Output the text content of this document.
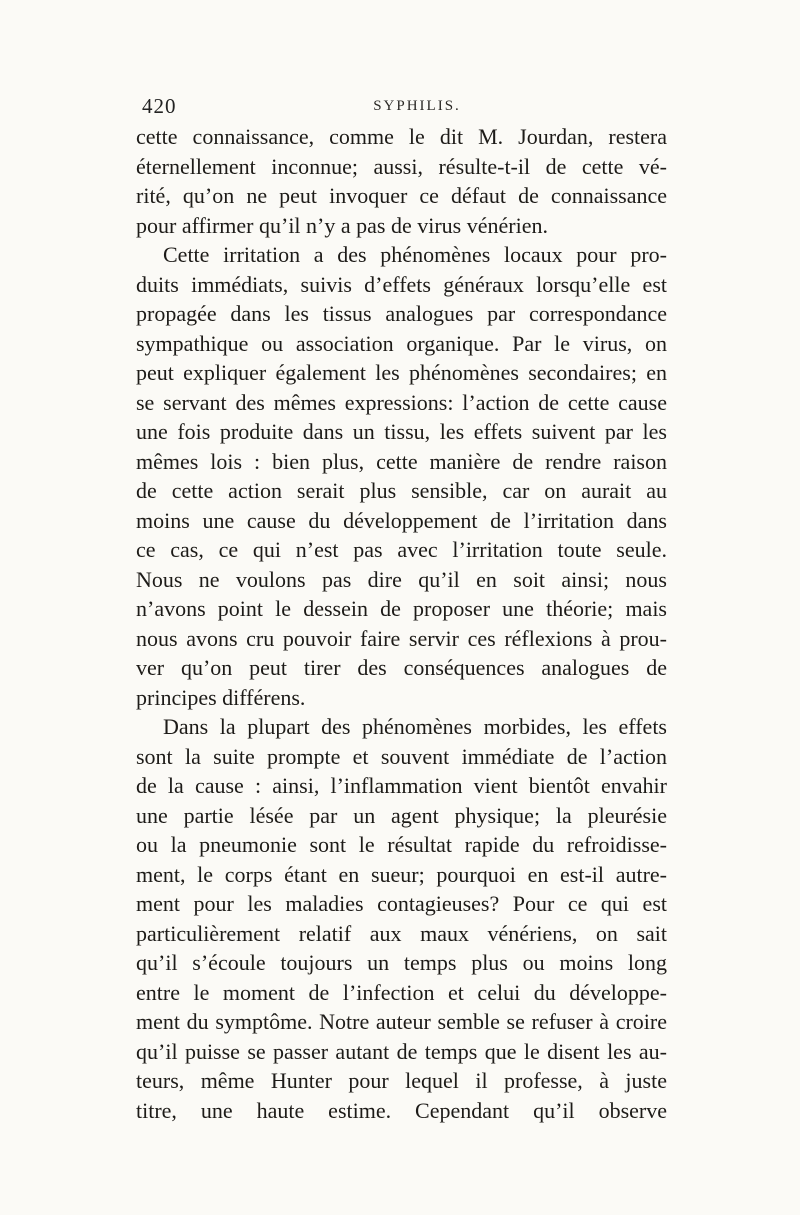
420	SYPHILIS.
cette connaissance, comme le dit M. Jourdan, restera
éternellement inconnue; aussi, résulte-t-il de cette vé-
rité, qu’on ne peut invoquer ce défaut de connaissance
pour affirmer qu’il n’y a pas de virus vénérien.
Cette irritation a des phénomènes locaux pour pro-
duits immédiats, suivis d’effets généraux lorsqu’elle est
propagée dans les tissus analogues par correspondance
sympathique ou association organique. Par le virus, on
peut expliquer également les phénomènes secondaires; en
se servant des mêmes expressions: l’action de cette cause
une fois produite dans un tissu, les effets suivent par les
mêmes lois : bien plus, cette manière de rendre raison
de cette action serait plus sensible, car on aurait au
moins une cause du développement de l’irritation dans
ce cas, ce qui n’est pas avec l’irritation toute seule.
Nous ne voulons pas dire qu’il en soit ainsi; nous
n’avons point le dessein de proposer une théorie; mais
nous avons cru pouvoir faire servir ces réflexions à prou-
ver qu’on peut tirer des conséquences analogues de
principes différens.
Dans la plupart des phénomènes morbides, les effets
sont la suite prompte et souvent immédiate de l’action
de la cause : ainsi, l’inflammation vient bientôt envahir
une partie lésée par un agent physique; la pleurésie
ou la pneumonie sont le résultat rapide du refroidisse-
ment, le corps étant en sueur; pourquoi en est-il autre-
ment pour les maladies contagieuses? Pour ce qui est
particulièrement relatif aux maux vénériens, on sait
qu’il s’écoule toujours un temps plus ou moins long
entre le moment de l’infection et celui du développe-
ment du symptôme. Notre auteur semble se refuser à croire
qu’il puisse se passer autant de temps que le disent les au-
teurs, même Hunter pour lequel il professe, à juste
titre, une haute estime. Cependant qu’il observe
